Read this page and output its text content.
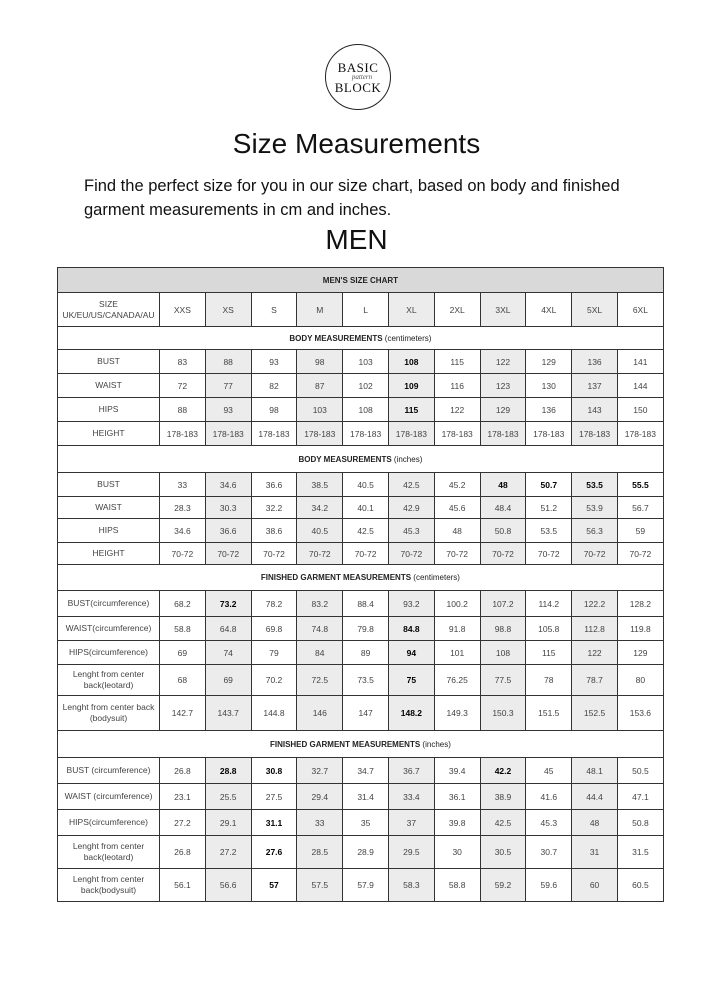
BASIC
pattern
BLOCK
Size Measurements
Find the perfect size for you in our size chart, based on body and finished garment measurements in cm and inches.
MEN
MEN'S SIZE CHART											
SIZE
UK/EU/US/CANADA/AU	XXS	XS	S	M	L	XL	2XL	3XL	4XL	5XL	6XL
BODY MEASUREMENTS (centimeters)											
BUST	83	88	93	98	103	108	115	122	129	136	141
WAIST	72	77	82	87	102	109	116	123	130	137	144
HIPS	88	93	98	103	108	115	122	129	136	143	150
HEIGHT	178-183	178-183	178-183	178-183	178-183	178-183	178-183	178-183	178-183	178-183	178-183
BODY MEASUREMENTS (inches)											
BUST	33	34.6	36.6	38.5	40.5	42.5	45.2	48	50.7	53.5	55.5
WAIST	28.3	30.3	32.2	34.2	40.1	42.9	45.6	48.4	51.2	53.9	56.7
HIPS	34.6	36.6	38.6	40.5	42.5	45.3	48	50.8	53.5	56.3	59
HEIGHT	70-72	70-72	70-72	70-72	70-72	70-72	70-72	70-72	70-72	70-72	70-72
FINISHED GARMENT MEASUREMENTS (centimeters)											
BUST(circumference)	68.2	73.2	78.2	83.2	88.4	93.2	100.2	107.2	114.2	122.2	128.2
WAIST(circumference)	58.8	64.8	69.8	74.8	79.8	84.8	91.8	98.8	105.8	112.8	119.8
HIPS(circumference)	69	74	79	84	89	94	101	108	115	122	129
Lenght from center back(leotard)	68	69	70.2	72.5	73.5	75	76.25	77.5	78	78.7	80
Lenght from center back (bodysuit)	142.7	143.7	144.8	146	147	148.2	149.3	150.3	151.5	152.5	153.6
FINISHED GARMENT MEASUREMENTS (inches)											
BUST (circumference)	26.8	28.8	30.8	32.7	34.7	36.7	39.4	42.2	45	48.1	50.5
WAIST (circumference)	23.1	25.5	27.5	29.4	31.4	33.4	36.1	38.9	41.6	44.4	47.1
HIPS(circumference)	27.2	29.1	31.1	33	35	37	39.8	42.5	45.3	48	50.8
Lenght from center back(leotard)	26.8	27.2	27.6	28.5	28.9	29.5	30	30.5	30.7	31	31.5
Lenght from center back(bodysuit)	56.1	56.6	57	57.5	57.9	58.3	58.8	59.2	59.6	60	60.5
